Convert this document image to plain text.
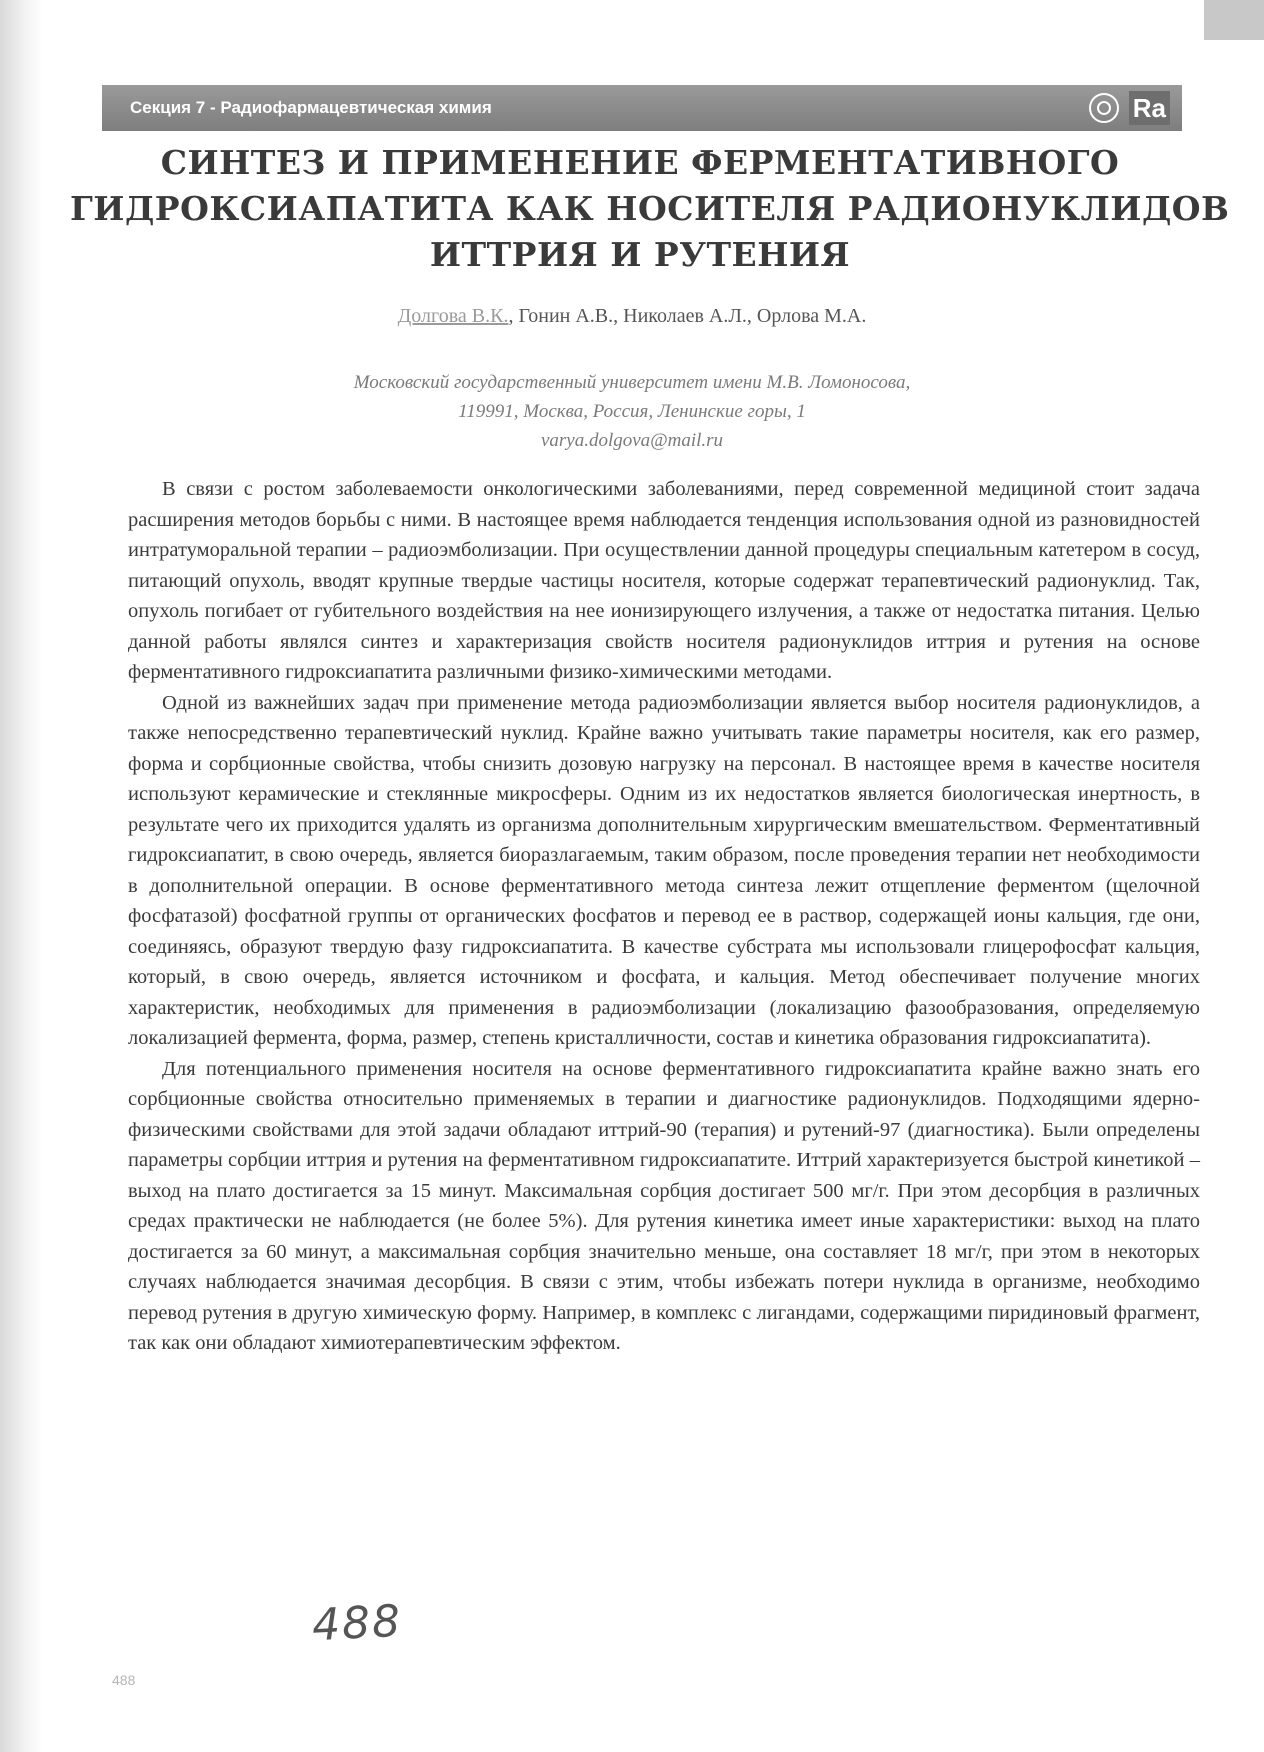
Секция 7 - Радиофармацевтическая химия	Ra
СИНТЕЗ И ПРИМЕНЕНИЕ ФЕРМЕНТАТИВНОГО
ГИДРОКСИАПАТИТА КАК НОСИТЕЛЯ РАДИОНУКЛИДОВ
ИТТРИЯ И РУТЕНИЯ
Долгова В.К., Гонин А.В., Николаев А.Л., Орлова М.А.
Московский государственный университет имени М.В. Ломоносова,
119991, Москва, Россия, Ленинские горы, 1
varya.dolgova@mail.ru

В связи с ростом заболеваемости онкологическими заболеваниями, перед современной медициной стоит задача расширения методов борьбы с ними. В настоящее время наблюдается тенденция использования одной из разновидностей интратуморальной терапии – радиоэмболизации. При осуществлении данной процедуры специальным катетером в сосуд, питающий опухоль, вводят крупные твердые частицы носителя, которые содержат терапевтический радионуклид. Так, опухоль погибает от губительного воздействия на нее ионизирующего излучения, а также от недостатка питания. Целью данной работы являлся синтез и характеризация свойств носителя радионуклидов иттрия и рутения на основе ферментативного гидроксиапатита различными физико-химическими методами.

Одной из важнейших задач при применение метода радиоэмболизации является выбор носителя радионуклидов, а также непосредственно терапевтический нуклид. Крайне важно учитывать такие параметры носителя, как его размер, форма и сорбционные свойства, чтобы снизить дозовую нагрузку на персонал. В настоящее время в качестве носителя используют керамические и стеклянные микросферы. Одним из их недостатков является биологическая инертность, в результате чего их приходится удалять из организма дополнительным хирургическим вмешательством. Ферментативный гидроксиапатит, в свою очередь, является биоразлагаемым, таким образом, после проведения терапии нет необходимости в дополнительной операции. В основе ферментативного метода синтеза лежит отщепление ферментом (щелочной фосфатазой) фосфатной группы от органических фосфатов и перевод ее в раствор, содержащей ионы кальция, где они, соединяясь, образуют твердую фазу гидроксиапатита. В качестве субстрата мы использовали глицерофосфат кальция, который, в свою очередь, является источником и фосфата, и кальция. Метод обеспечивает получение многих характеристик, необходимых для применения в радиоэмболизации (локализацию фазообразования, определяемую локализацией фермента, форма, размер, степень кристалличности, состав и кинетика образования гидроксиапатита).

Для потенциального применения носителя на основе ферментативного гидроксиапатита крайне важно знать его сорбционные свойства относительно применяемых в терапии и диагностике радионуклидов. Подходящими ядерно-физическими свойствами для этой задачи обладают иттрий-90 (терапия) и рутений-97 (диагностика). Были определены параметры сорбции иттрия и рутения на ферментативном гидроксиапатите. Иттрий характеризуется быстрой кинетикой – выход на плато достигается за 15 минут. Максимальная сорбция достигает 500 мг/г. При этом десорбция в различных средах практически не наблюдается (не более 5%). Для рутения кинетика имеет иные характеристики: выход на плато достигается за 60 минут, а максимальная сорбция значительно меньше, она составляет 18 мг/г, при этом в некоторых случаях наблюдается значимая десорбция. В связи с этим, чтобы избежать потери нуклида в организме, необходимо перевод рутения в другую химическую форму. Например, в комплекс с лигандами, содержащими пиридиновый фрагмент, так как они обладают химиотерапевтическим эффектом.

488
488
